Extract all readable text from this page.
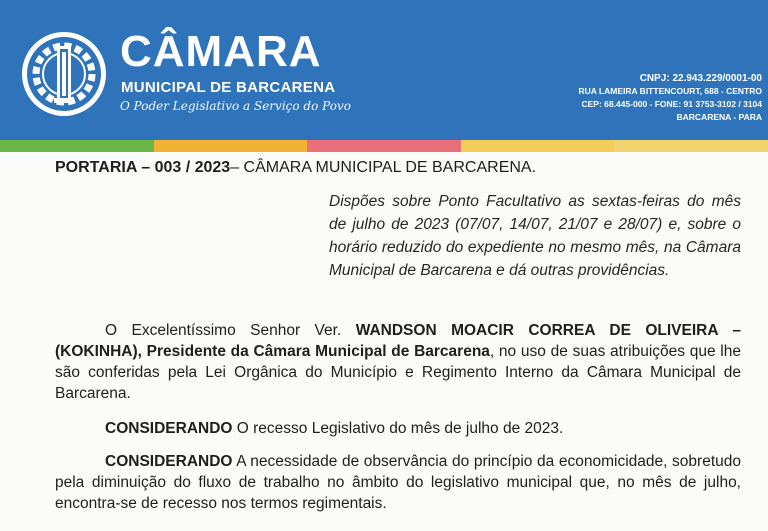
CÂMARA
MUNICIPAL DE BARCARENA
O Poder Legislativo a Serviço do Povo
CNPJ: 22.943.229/0001-00
RUA LAMEIRA BITTENCOURT, 688 - CENTRO
CEP: 68.445-000 - FONE: 91 3753-3102 / 3104
BARCARENA - PARA

PORTARIA – 003 / 2023– CÂMARA MUNICIPAL DE BARCARENA.

Dispões sobre Ponto Facultativo as sextas-feiras do mês de julho de 2023 (07/07, 14/07, 21/07 e 28/07) e, sobre o horário reduzido do expediente no mesmo mês, na Câmara Municipal de Barcarena e dá outras providências.

O Excelentíssimo Senhor Ver. WANDSON MOACIR CORREA DE OLIVEIRA – (KOKINHA), Presidente da Câmara Municipal de Barcarena, no uso de suas atribuições que lhe são conferidas pela Lei Orgânica do Município e Regimento Interno da Câmara Municipal de Barcarena.

CONSIDERANDO O recesso Legislativo do mês de julho de 2023.

CONSIDERANDO A necessidade de observância do princípio da economicidade, sobretudo pela diminuição do fluxo de trabalho no âmbito do legislativo municipal que, no mês de julho, encontra-se de recesso nos termos regimentais.
